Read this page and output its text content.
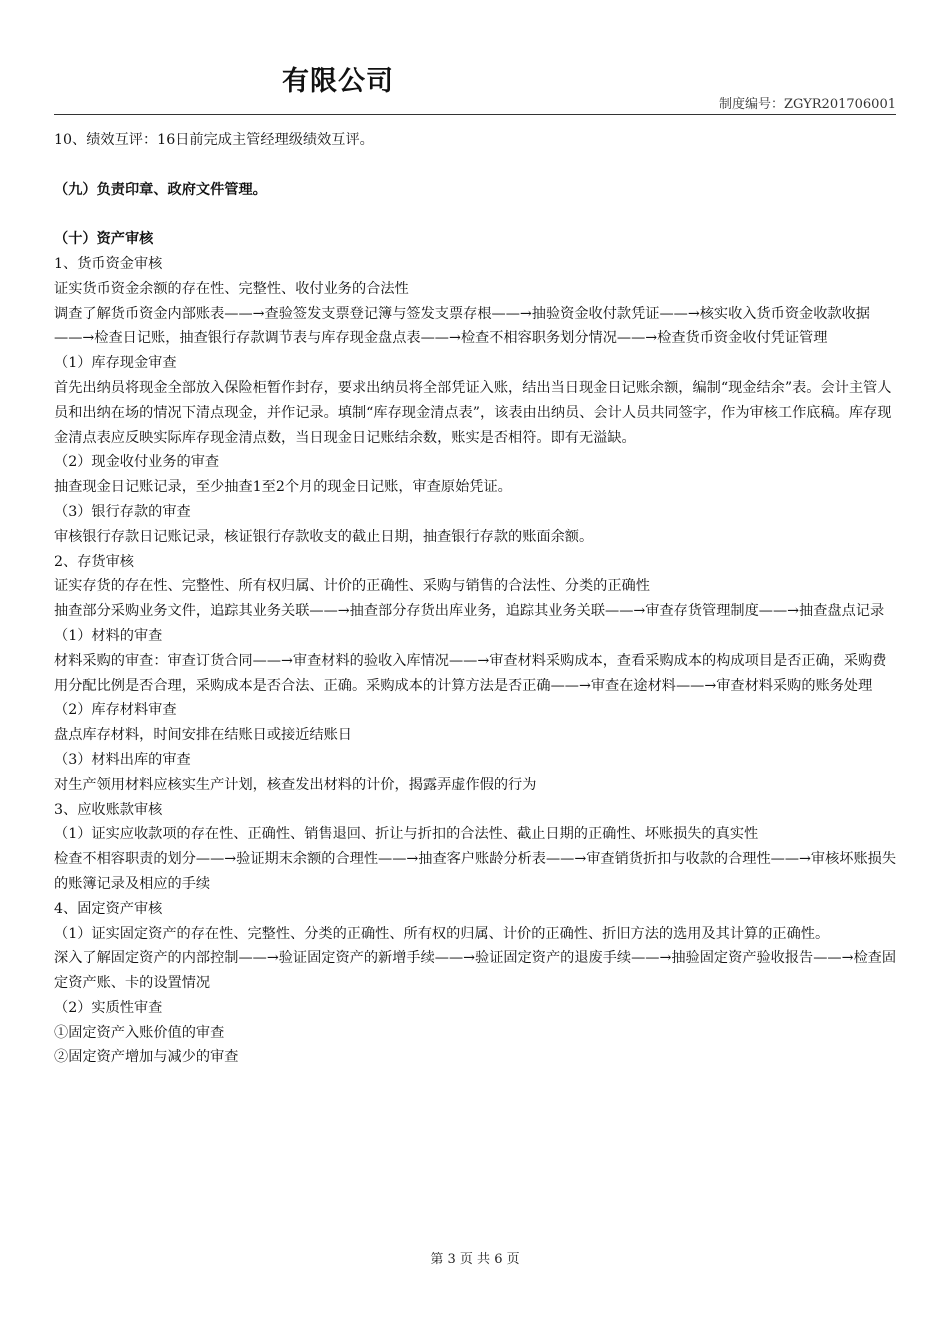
有限公司
制度编号：ZGYR201706001

10、绩效互评：16日前完成主管经理级绩效互评。

（九）负责印章、政府文件管理。

（十）资产审核

1、货币资金审核

证实货币资金余额的存在性、完整性、收付业务的合法性

调查了解货币资金内部账表——→查验签发支票登记簿与签发支票存根——→抽验资金收付款凭证——→核实收入货币资金收款收据——→检查日记账，抽查银行存款调节表与库存现金盘点表——→检查不相容职务划分情况——→检查货币资金收付凭证管理

（1）库存现金审查

首先出纳员将现金全部放入保险柜暂作封存，要求出纳员将全部凭证入账，结出当日现金日记账余额，编制“现金结余”表。会计主管人员和出纳在场的情况下清点现金，并作记录。填制“库存现金清点表”，该表由出纳员、会计人员共同签字，作为审核工作底稿。库存现金清点表应反映实际库存现金清点数，当日现金日记账结余数，账实是否相符。即有无溢缺。

（2）现金收付业务的审查

抽查现金日记账记录，至少抽查1至2个月的现金日记账，审查原始凭证。

（3）银行存款的审查

审核银行存款日记账记录，核证银行存款收支的截止日期，抽查银行存款的账面余额。

2、存货审核

证实存货的存在性、完整性、所有权归属、计价的正确性、采购与销售的合法性、分类的正确性

抽查部分采购业务文件，追踪其业务关联——→抽查部分存货出库业务，追踪其业务关联——→审查存货管理制度——→抽查盘点记录

（1）材料的审查

材料采购的审查：审查订货合同——→审查材料的验收入库情况——→审查材料采购成本，查看采购成本的构成项目是否正确，采购费用分配比例是否合理，采购成本是否合法、正确。采购成本的计算方法是否正确——→审查在途材料——→审查材料采购的账务处理

（2）库存材料审查

盘点库存材料，时间安排在结账日或接近结账日

（3）材料出库的审查

对生产领用材料应核实生产计划，核查发出材料的计价，揭露弄虚作假的行为

3、应收账款审核

（1）证实应收款项的存在性、正确性、销售退回、折让与折扣的合法性、截止日期的正确性、坏账损失的真实性

检查不相容职责的划分——→验证期末余额的合理性——→抽查客户账龄分析表——→审查销货折扣与收款的合理性——→审核坏账损失的账簿记录及相应的手续

4、固定资产审核

（1）证实固定资产的存在性、完整性、分类的正确性、所有权的归属、计价的正确性、折旧方法的选用及其计算的正确性。

深入了解固定资产的内部控制——→验证固定资产的新增手续——→验证固定资产的退废手续——→抽验固定资产验收报告——→检查固定资产账、卡的设置情况

（2）实质性审查

①固定资产入账价值的审查

②固定资产增加与减少的审查

第 3 页 共 6 页
